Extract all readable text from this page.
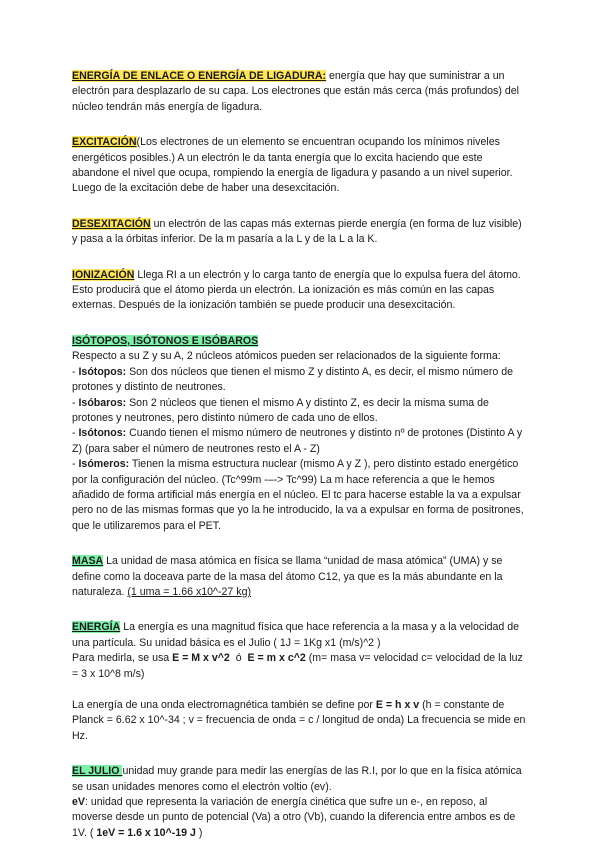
ENERGÍA DE ENLACE O ENERGÍA DE LIGADURA: energía que hay que suministrar a un electrón para desplazarlo de su capa. Los electrones que están más cerca (más profundos) del núcleo tendrán más energía de ligadura.

EXCITACIÓN(Los electrones de un elemento se encuentran ocupando los mínimos niveles energéticos posibles.) A un electrón le da tanta energía que lo excita haciendo que este abandone el nivel que ocupa, rompiendo la energía de ligadura y pasando a un nivel superior. Luego de la excitación debe de haber una desexcitación.

DESEXITACIÓN un electrón de las capas más externas pierde energía (en forma de luz visible) y pasa a la órbitas inferior. De la m pasaría a la L y de la L a la K.

IONIZACIÓN Llega RI a un electrón y lo carga tanto de energía que lo expulsa fuera del átomo. Esto producirá que el átomo pierda un electrón. La ionización es más común en las capas externas. Después de la ionización también se puede producir una desexcitación.

ISÓTOPOS, ISÓTONOS E ISÓBAROS
Respecto a su Z y su A, 2 núcleos atómicos pueden ser relacionados de la siguiente forma:
- Isótopos: Son dos núcleos que tienen el mismo Z y distinto A, es decir, el mismo número de protones y distinto de neutrones.
- Isóbaros: Son 2 núcleos que tienen el mismo A y distinto Z, es decir la misma suma de protones y neutrones, pero distinto número de cada uno de ellos.
- Isótonos: Cuando tienen el mismo número de neutrones y distinto nº de protones (Distinto A y Z) (para saber el número de neutrones resto el A - Z)
- Isómeros: Tienen la misma estructura nuclear (mismo A y Z ), pero distinto estado energético por la configuración del núcleo. (Tc^99m -–-> Tc^99) La m hace referencia a que le hemos añadido de forma artificial más energía en el núcleo. El tc para hacerse estable la va a expulsar pero no de las mismas formas que yo la he introducido, la va a expulsar en forma de positrones, que le utilizaremos para el PET.

MASA La unidad de masa atómica en física se llama “unidad de masa atómica” (UMA) y se define como la doceava parte de la masa del átomo C12, ya que es la más abundante en la naturaleza. (1 uma = 1.66 x10^-27 kg)

ENERGÍA La energía es una magnitud física que hace referencia a la masa y a la velocidad de una partícula. Su unidad básica es el Julio ( 1J = 1Kg x1 (m/s)^2 )
Para medirla, se usa E = M x v^2  ó  E = m x c^2 (m= masa v= velocidad c= velocidad de la luz = 3 x 10^8 m/s)

La energía de una onda electromagnética también se define por E = h x v (h = constante de Planck = 6.62 x 10^-34 ; v = frecuencia de onda = c / longitud de onda) La frecuencia se mide en Hz.

EL JULIO unidad muy grande para medir las energías de las R.I, por lo que en la física atómica se usan unidades menores como el electrón voltio (ev).
eV: unidad que representa la variación de energía cinética que sufre un e-, en reposo, al moverse desde un punto de potencial (Va) a otro (Vb), cuando la diferencia entre ambos es de 1V. ( 1eV = 1.6 x 10^-19 J )
